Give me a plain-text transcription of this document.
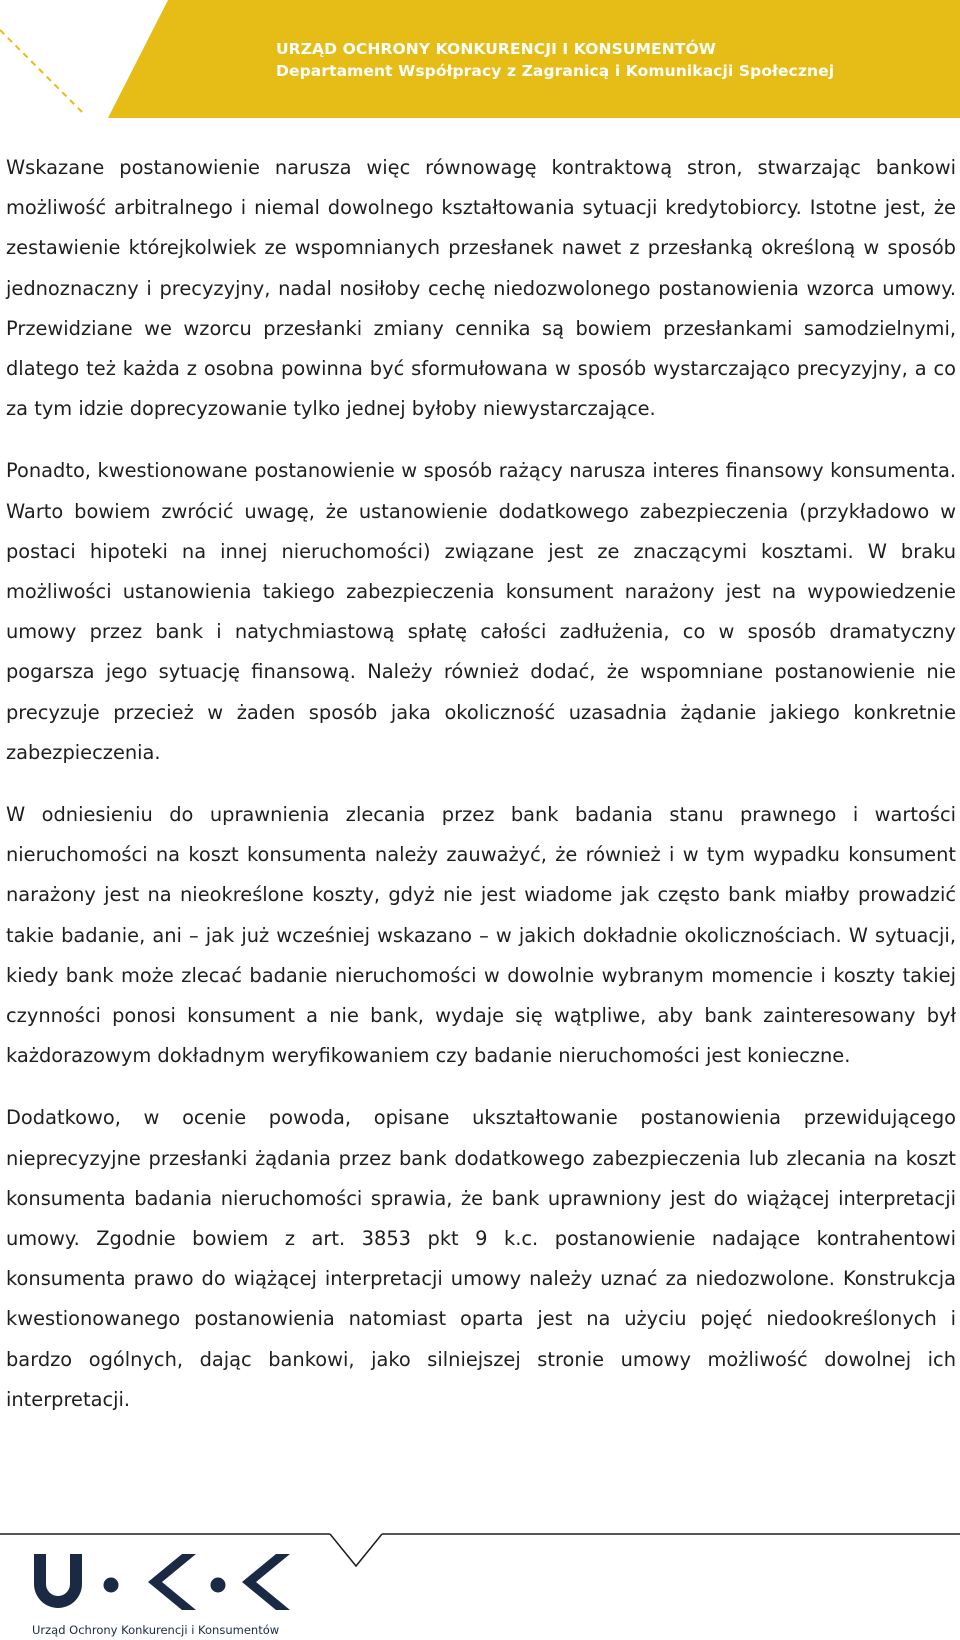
URZĄD OCHRONY KONKURENCJI I KONSUMENTÓW
Departament Współpracy z Zagranicą i Komunikacji Społecznej

Wskazane postanowienie narusza więc równowagę kontraktową stron, stwarzając bankowi możliwość arbitralnego i niemal dowolnego kształtowania sytuacji kredytobiorcy. Istotne jest, że zestawienie którejkolwiek ze wspomnianych przesłanek nawet z przesłanką określoną w sposób jednoznaczny i precyzyjny, nadal nosiłoby cechę niedozwolonego postanowienia wzorca umowy. Przewidziane we wzorcu przesłanki zmiany cennika są bowiem przesłankami samodzielnymi, dlatego też każda z osobna powinna być sformułowana w sposób wystarczająco precyzyjny, a co za tym idzie doprecyzowanie tylko jednej byłoby niewystarczające.

Ponadto, kwestionowane postanowienie w sposób rażący narusza interes finansowy konsumenta. Warto bowiem zwrócić uwagę, że ustanowienie dodatkowego zabezpieczenia (przykładowo w postaci hipoteki na innej nieruchomości) związane jest ze znaczącymi kosztami. W braku możliwości ustanowienia takiego zabezpieczenia konsument narażony jest na wypowiedzenie umowy przez bank i natychmiastową spłatę całości zadłużenia, co w sposób dramatyczny pogarsza jego sytuację finansową. Należy również dodać, że wspomniane postanowienie nie precyzuje przecież w żaden sposób jaka okoliczność uzasadnia żądanie jakiego konkretnie zabezpieczenia.

W odniesieniu do uprawnienia zlecania przez bank badania stanu prawnego i wartości nieruchomości na koszt konsumenta należy zauważyć, że również i w tym wypadku konsument narażony jest na nieokreślone koszty, gdyż nie jest wiadome jak często bank miałby prowadzić takie badanie, ani – jak już wcześniej wskazano – w jakich dokładnie okolicznościach. W sytuacji, kiedy bank może zlecać badanie nieruchomości w dowolnie wybranym momencie i koszty takiej czynności ponosi konsument a nie bank, wydaje się wątpliwe, aby bank zainteresowany był każdorazowym dokładnym weryfikowaniem czy badanie nieruchomości jest konieczne.

Dodatkowo, w ocenie powoda, opisane ukształtowanie postanowienia przewidującego nieprecyzyjne przesłanki żądania przez bank dodatkowego zabezpieczenia lub zlecania na koszt konsumenta badania nieruchomości sprawia, że bank uprawniony jest do wiążącej interpretacji umowy. Zgodnie bowiem z art. 3853 pkt 9 k.c. postanowienie nadające kontrahentowi konsumenta prawo do wiążącej interpretacji umowy należy uznać za niedozwolone. Konstrukcja kwestionowanego postanowienia natomiast oparta jest na użyciu pojęć niedookreślonych i bardzo ogólnych, dając bankowi, jako silniejszej stronie umowy możliwość dowolnej ich interpretacji.

Urząd Ochrony Konkurencji i Konsumentów
